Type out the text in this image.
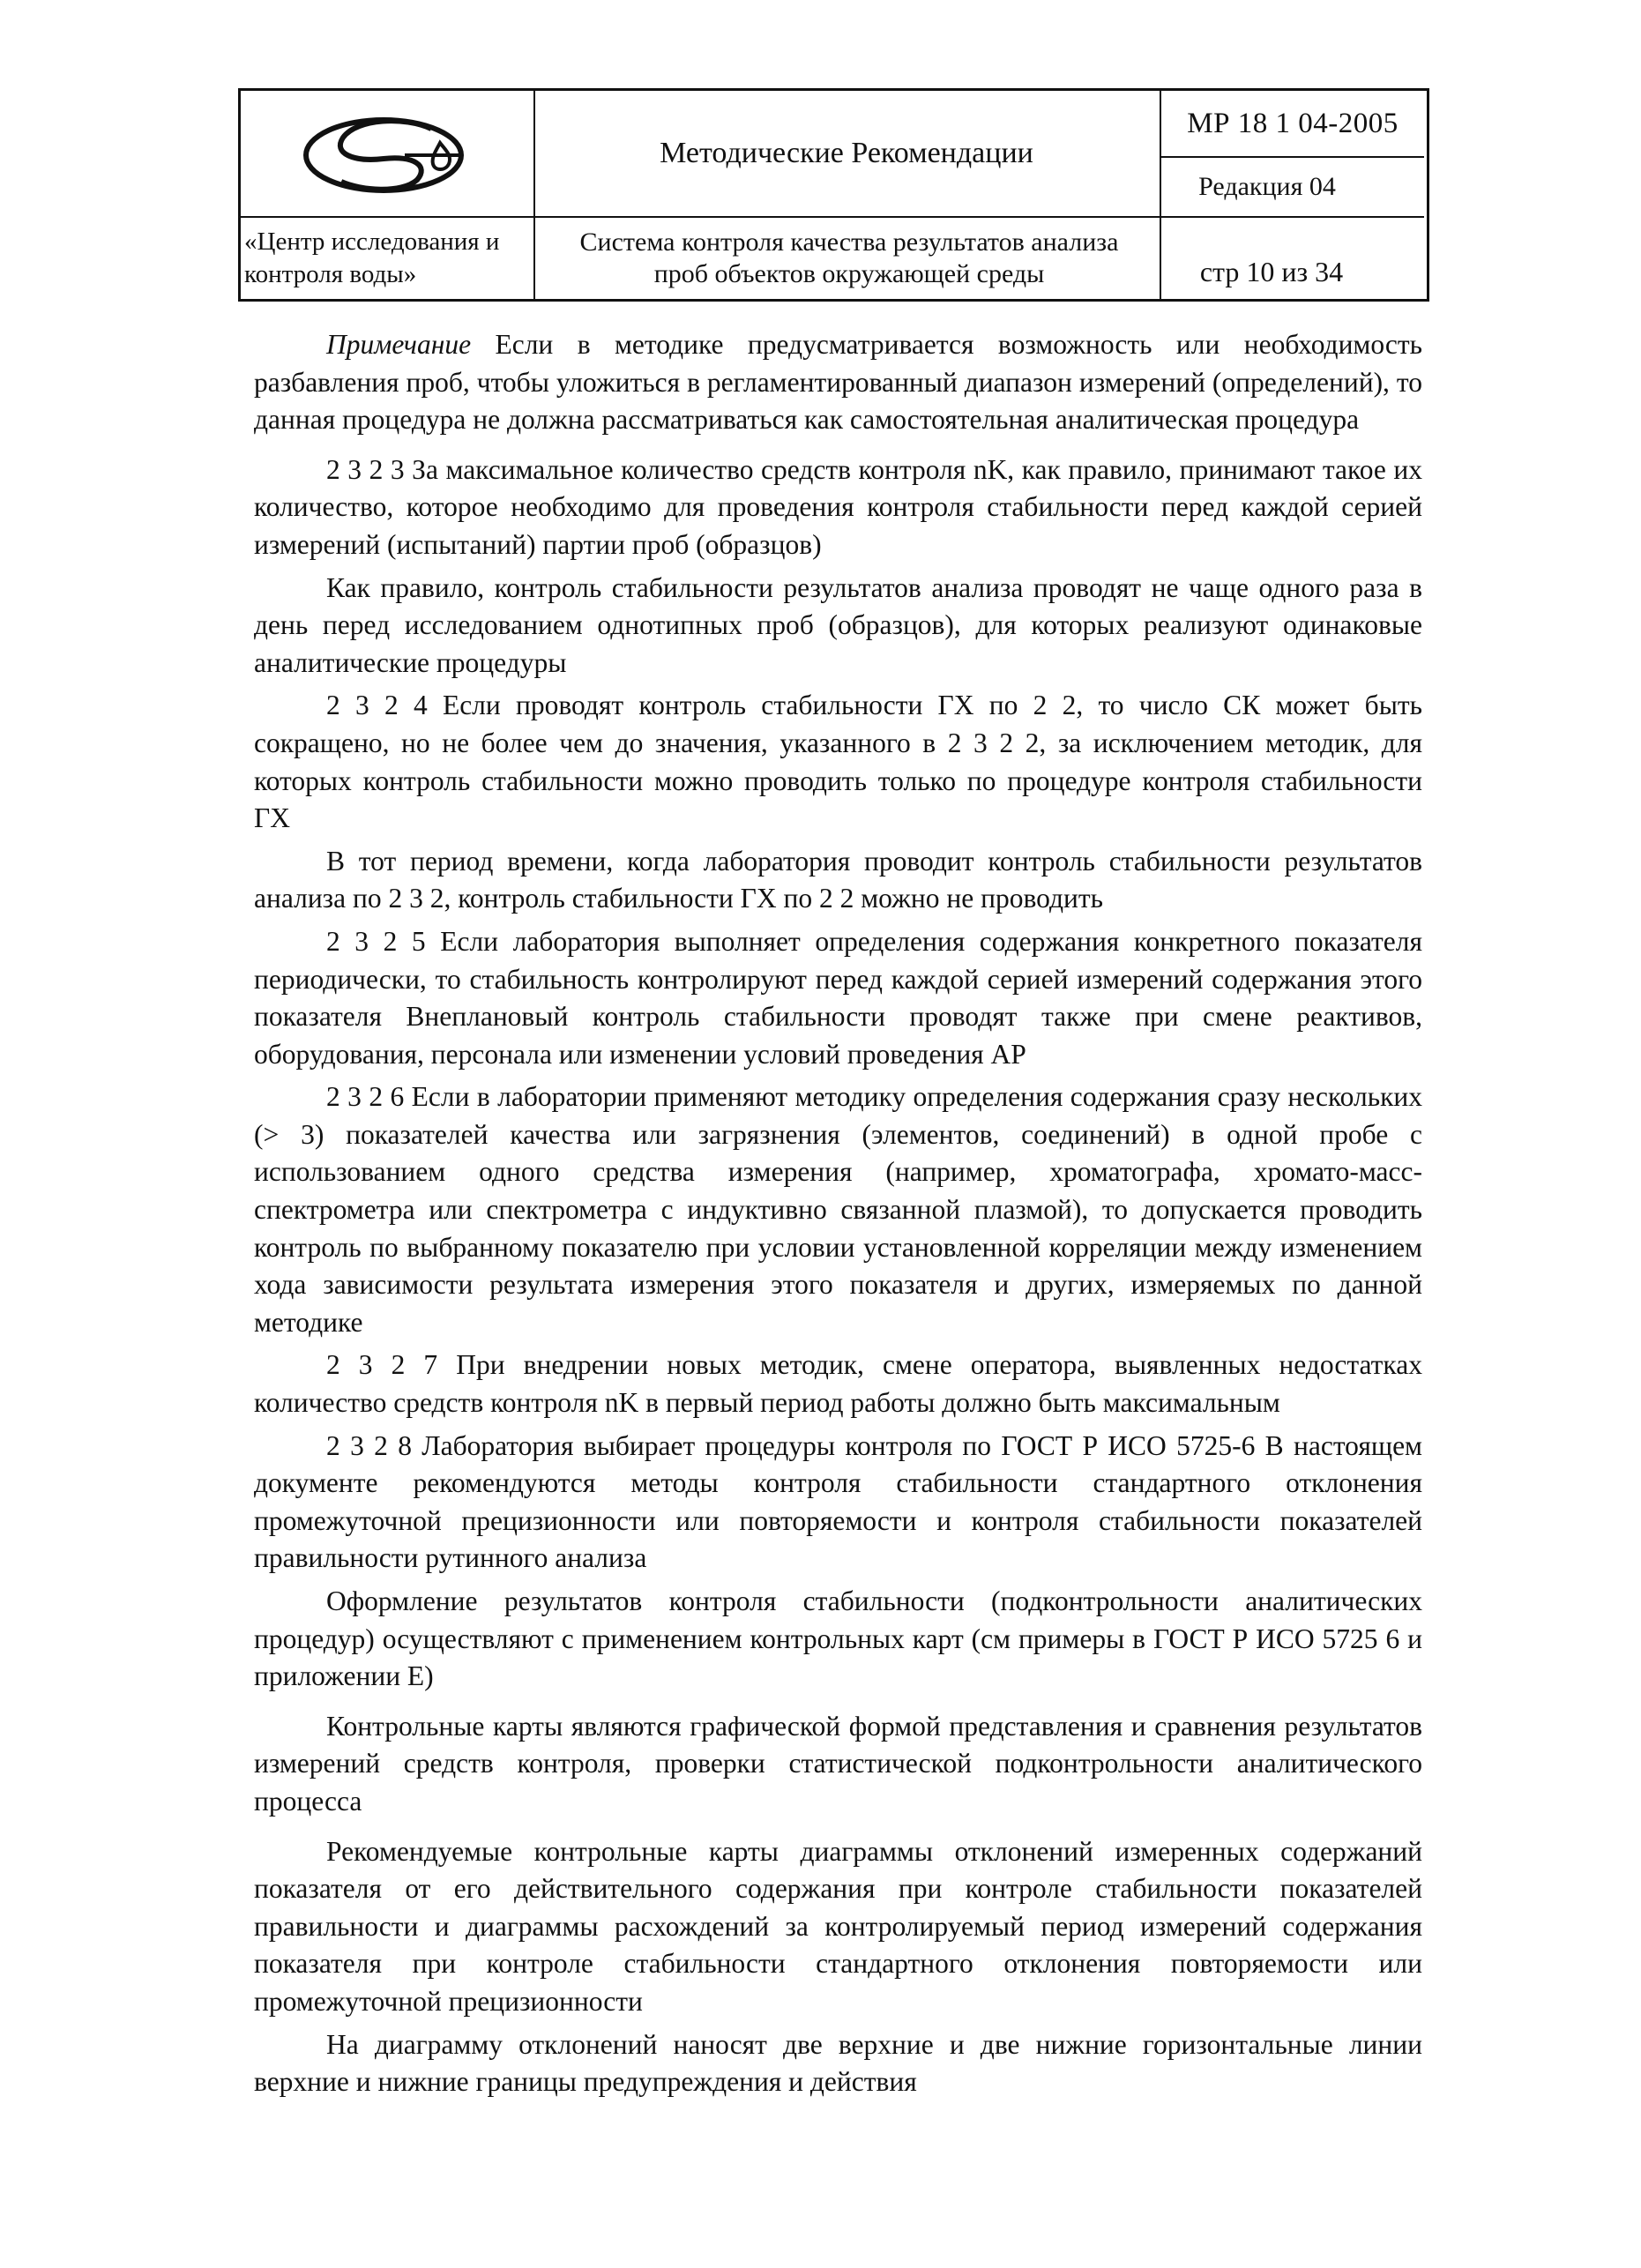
«Центр исследования и контроля воды»
Методические Рекомендации
Система контроля качества результатов анализа проб объектов окружающей среды
МР 18 1 04-2005
Редакция 04
стр 10 из 34

Примечание Если в методике предусматривается возможность или необходимость разбавления проб, чтобы уложиться в регламентированный диапазон измерений (определений), то данная процедура не должна рассматриваться как самостоятельная аналитическая процедура

2 3 2 3 За максимальное количество средств контроля nK, как правило, принимают такое их количество, которое необходимо для проведения контроля стабильности перед каждой серией измерений (испытаний) партии проб (образцов)

Как правило, контроль стабильности результатов анализа проводят не чаще одного раза в день перед исследованием однотипных проб (образцов), для которых реализуют одинаковые аналитические процедуры

2 3 2 4 Если проводят контроль стабильности ГХ по 2 2, то число СК может быть сокращено, но не более чем до значения, указанного в 2 3 2 2, за исключением методик, для которых контроль стабильности можно проводить только по процедуре контроля стабильности ГХ

В тот период времени, когда лаборатория проводит контроль стабильности результатов анализа по 2 3 2, контроль стабильности ГХ по 2 2 можно не проводить

2 3 2 5 Если лаборатория выполняет определения содержания конкретного показателя периодически, то стабильность контролируют перед каждой серией измерений содержания этого показателя Внеплановый контроль стабильности проводят также при смене реактивов, оборудования, персонала или изменении условий проведения АР

2 3 2 6 Если в лаборатории применяют методику определения содержания сразу нескольких (> 3) показателей качества или загрязнения (элементов, соединений) в одной пробе с использованием одного средства измерения (например, хроматографа, хромато-масс-спектрометра или спектрометра с индуктивно связанной плазмой), то допускается проводить контроль по выбранному показателю при условии установленной корреляции между изменением хода зависимости результата измерения этого показателя и других, измеряемых по данной методике

2 3 2 7 При внедрении новых методик, смене оператора, выявленных недостатках количество средств контроля nK в первый период работы должно быть максимальным

2 3 2 8 Лаборатория выбирает процедуры контроля по ГОСТ Р ИСО 5725-6 В настоящем документе рекомендуются методы контроля стабильности стандартного отклонения промежуточной прецизионности или повторяемости и контроля стабильности показателей правильности рутинного анализа

Оформление результатов контроля стабильности (подконтрольности аналитических процедур) осуществляют с применением контрольных карт (см примеры в ГОСТ Р ИСО 5725 6 и приложении Е)

Контрольные карты являются графической формой представления и сравнения результатов измерений средств контроля, проверки статистической подконтрольности аналитического процесса

Рекомендуемые контрольные карты диаграммы отклонений измеренных содержаний показателя от его действительного содержания при контроле стабильности показателей правильности и диаграммы расхождений за контролируемый период измерений содержания показателя при контроле стабильности стандартного отклонения повторяемости или промежуточной прецизионности

На диаграмму отклонений наносят две верхние и две нижние горизонтальные линии верхние и нижние границы предупреждения и действия
